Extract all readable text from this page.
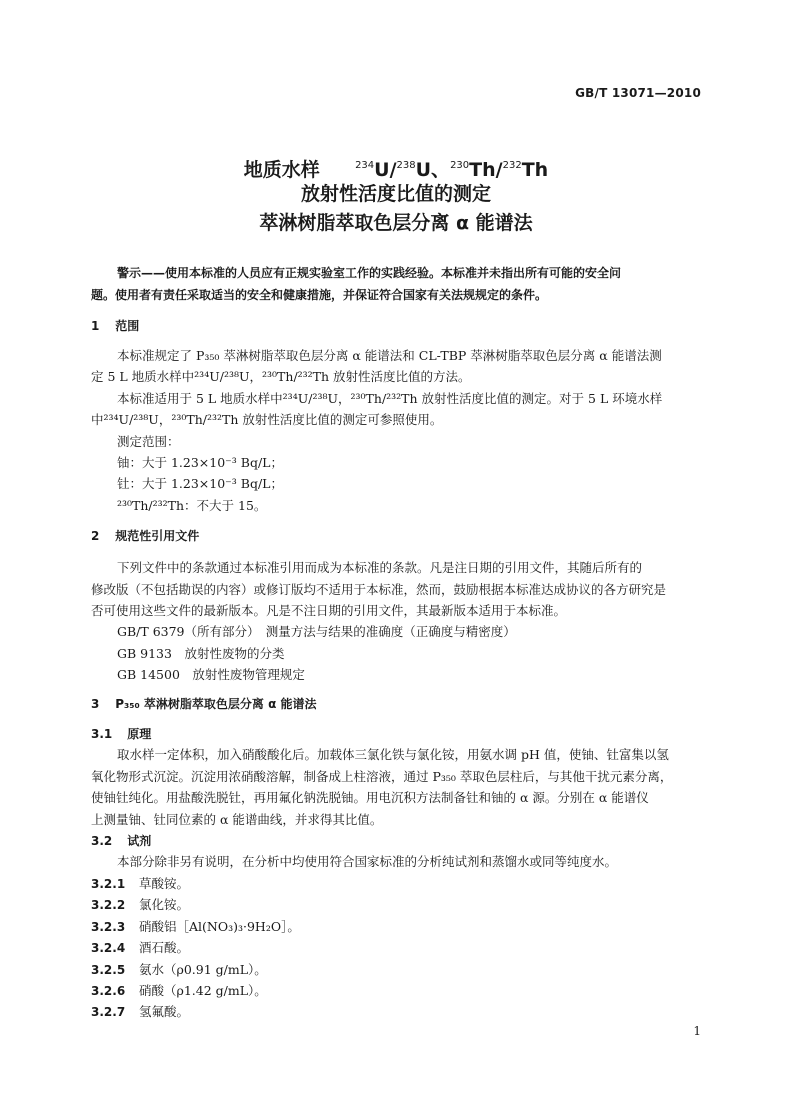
GB/T 13071—2010
地质水样	$^{234}$U/$^{238}$U、$^{230}$Th/$^{232}$Th
放射性活度比值的测定
萃淋树脂萃取色层分离 α 能谱法
警示——使用本标准的人员应有正规实验室工作的实践经验。本标准并未指出所有可能的安全问
题。使用者有责任采取适当的安全和健康措施，并保证符合国家有关法规规定的条件。
1 范围
本标准规定了 P₃₅₀ 萃淋树脂萃取色层分离 α 能谱法和 CL-TBP 萃淋树脂萃取色层分离 α 能谱法测
定 5 L 地质水样中²³⁴U/²³⁸U，²³⁰Th/²³²Th 放射性活度比值的方法。
本标准适用于 5 L 地质水样中²³⁴U/²³⁸U，²³⁰Th/²³²Th 放射性活度比值的测定。对于 5 L 环境水样
中²³⁴U/²³⁸U，²³⁰Th/²³²Th 放射性活度比值的测定可参照使用。
测定范围：
铀：大于 1.23×10⁻³ Bq/L；
钍：大于 1.23×10⁻³ Bq/L；
²³⁰Th/²³²Th：不大于 15。
2 规范性引用文件
下列文件中的条款通过本标准引用而成为本标准的条款。凡是注日期的引用文件，其随后所有的
修改版（不包括勘误的内容）或修订版均不适用于本标准，然而，鼓励根据本标准达成协议的各方研究是
否可使用这些文件的最新版本。凡是不注日期的引用文件，其最新版本适用于本标准。
GB/T 6379（所有部分）　测量方法与结果的准确度（正确度与精密度）
GB 9133　放射性废物的分类
GB 14500　放射性废物管理规定
3 P₃₅₀ 萃淋树脂萃取色层分离 α 能谱法
3.1 原理
取水样一定体积，加入硝酸酸化后。加载体三氯化铁与氯化铵，用氨水调 pH 值，使铀、钍富集以氢
氧化物形式沉淀。沉淀用浓硝酸溶解，制备成上柱溶液，通过 P₃₅₀ 萃取色层柱后，与其他干扰元素分离，
使铀钍纯化。用盐酸洗脱钍，再用氟化钠洗脱铀。用电沉积方法制备钍和铀的 α 源。分别在 α 能谱仪
上测量铀、钍同位素的 α 能谱曲线，并求得其比值。
3.2 试剂
本部分除非另有说明，在分析中均使用符合国家标准的分析纯试剂和蒸馏水或同等纯度水。
3.2.1 草酸铵。
3.2.2 氯化铵。
3.2.3 硝酸铝［Al(NO₃)₃·9H₂O］。
3.2.4 酒石酸。
3.2.5 氨水（ρ0.91 g/mL）。
3.2.6 硝酸（ρ1.42 g/mL）。
3.2.7 氢氟酸。
1
